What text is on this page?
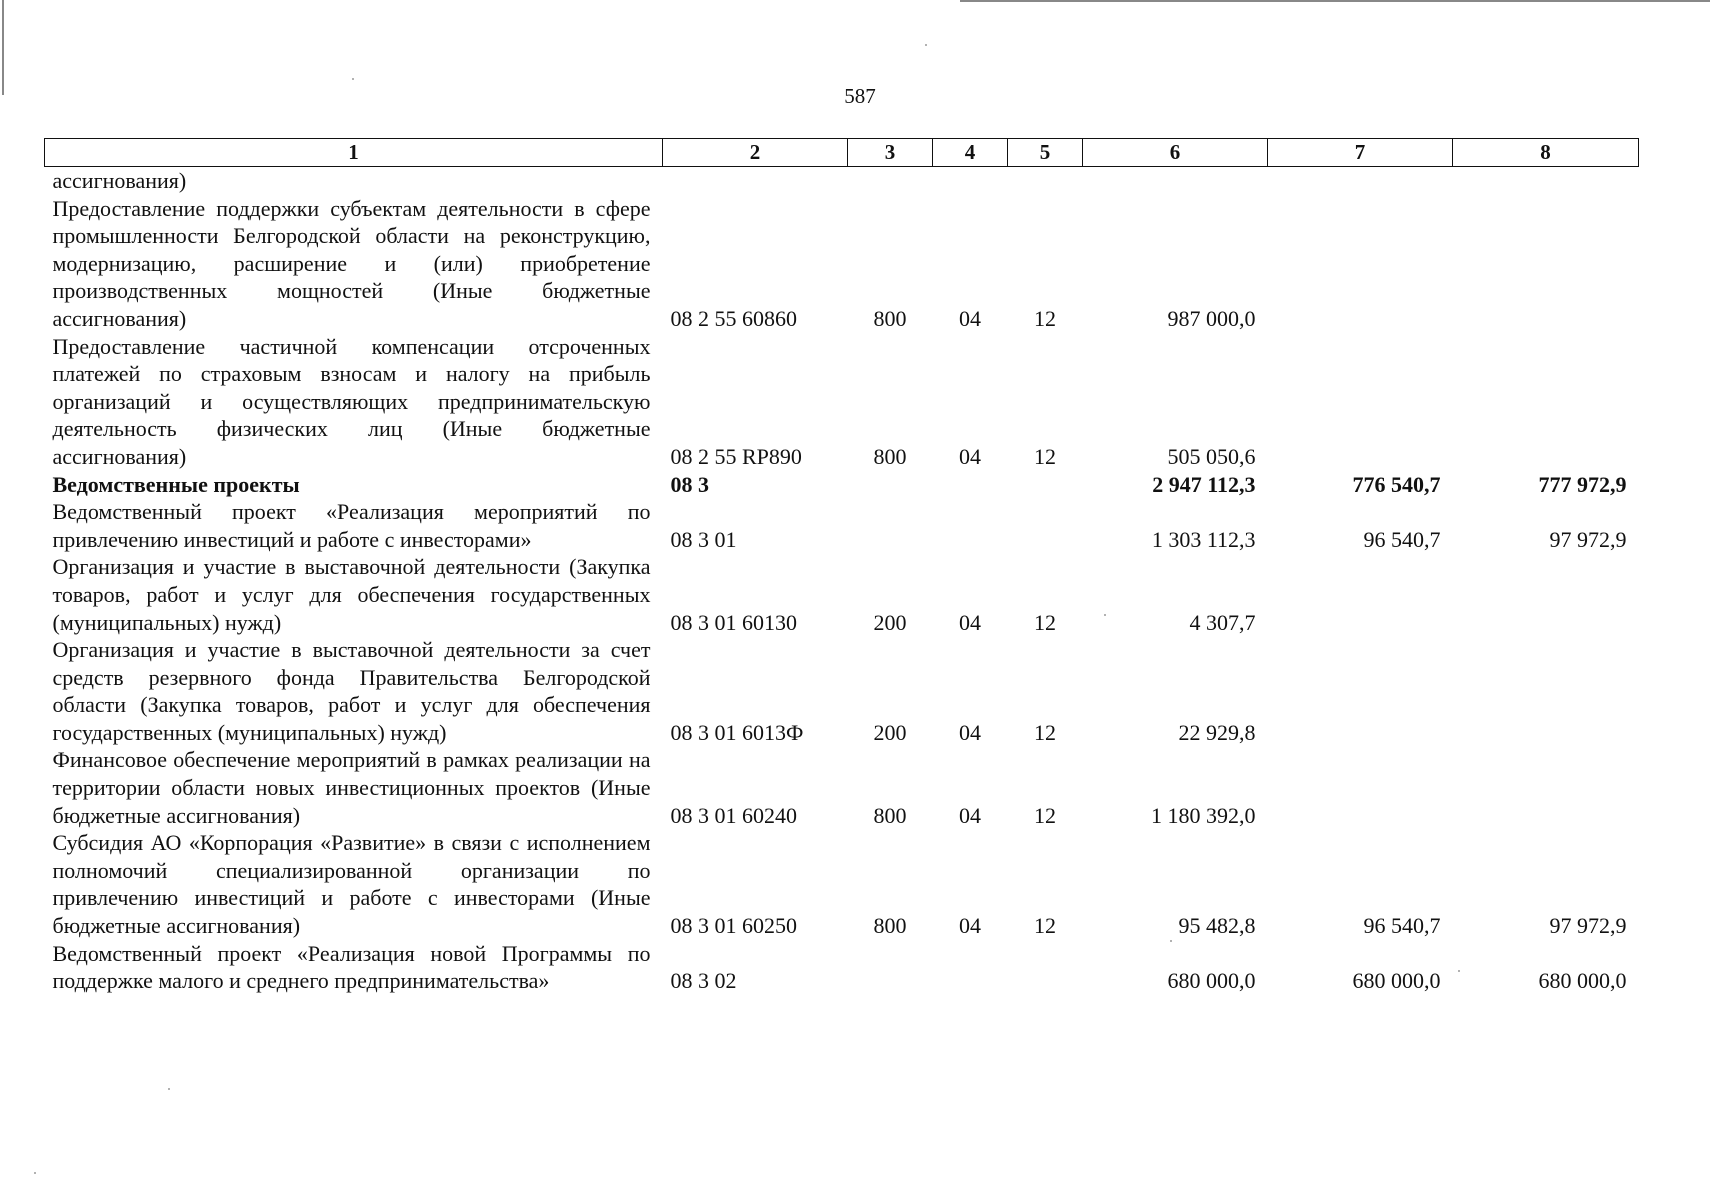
587
1	2	3	4	5	6	7	8
ассигнования)							
Предоставление поддержки субъектам деятельности в сфере промышленности Белгородской области на реконструкцию, модернизацию, расширение и (или) приобретение производственных мощностей (Иные бюджетные ассигнования)	08 2 55 60860	800	04	12	987 000,0		
Предоставление частичной компенсации отсроченных платежей по страховым взносам и налогу на прибыль организаций и осуществляющих предпринимательскую деятельность физических лиц (Иные бюджетные ассигнования)	08 2 55 RP890	800	04	12	505 050,6		
Ведомственные проекты	08 3				2 947 112,3	776 540,7	777 972,9
Ведомственный проект «Реализация мероприятий по привлечению инвестиций и работе с инвесторами»	08 3 01				1 303 112,3	96 540,7	97 972,9
Организация и участие в выставочной деятельности (Закупка товаров, работ и услуг для обеспечения государственных (муниципальных) нужд)	08 3 01 60130	200	04	12	4 307,7		
Организация и участие в выставочной деятельности за счет средств резервного фонда Правительства Белгородской области (Закупка товаров, работ и услуг для обеспечения государственных (муниципальных) нужд)	08 3 01 6013Ф	200	04	12	22 929,8		
Финансовое обеспечение мероприятий в рамках реализации на территории области новых инвестиционных проектов (Иные бюджетные ассигнования)	08 3 01 60240	800	04	12	1 180 392,0		
Субсидия АО «Корпорация «Развитие» в связи с исполнением полномочий специализированной организации по привлечению инвестиций и работе с инвесторами (Иные бюджетные ассигнования)	08 3 01 60250	800	04	12	95 482,8	96 540,7	97 972,9
Ведомственный проект «Реализация новой Программы по поддержке малого и среднего предпринимательства»	08 3 02				680 000,0	680 000,0	680 000,0
